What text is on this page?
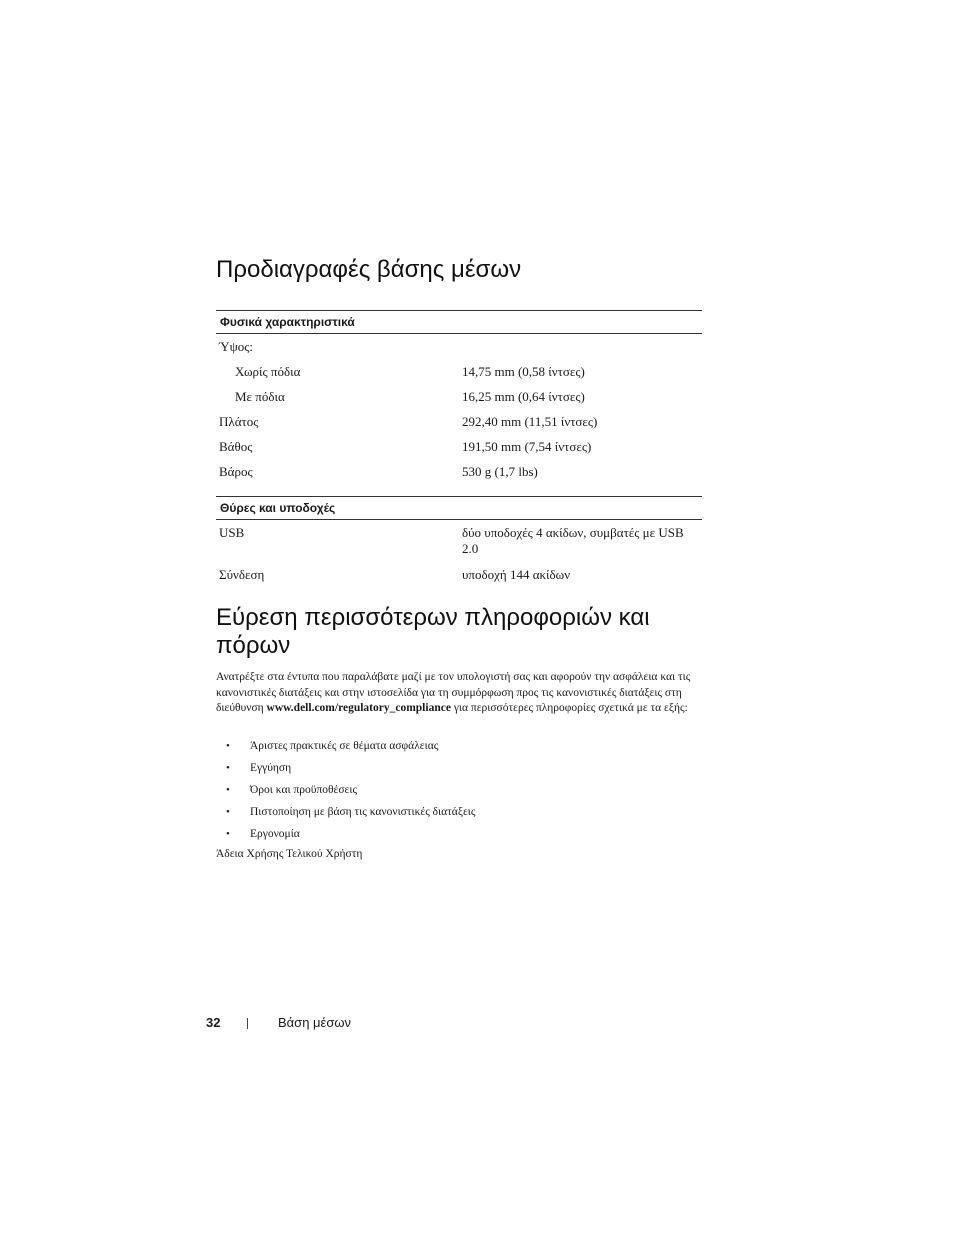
Προδιαγραφές βάσης μέσων
Φυσικά χαρακτηριστικά
Ύψος:
Χωρίς πόδια	14,75 mm (0,58 ίντσες)
Με πόδια	16,25 mm (0,64 ίντσες)
Πλάτος	292,40 mm (11,51 ίντσες)
Βάθος	191,50 mm (7,54 ίντσες)
Βάρος	530 g (1,7 lbs)
Θύρες και υποδοχές
USB	δύο υποδοχές 4 ακίδων, συμβατές με USB 2.0
Σύνδεση	υποδοχή 144 ακίδων
Εύρεση περισσότερων πληροφοριών και πόρων
Ανατρέξτε στα έντυπα που παραλάβατε μαζί με τον υπολογιστή σας και αφορούν την ασφάλεια και τις κανονιστικές διατάξεις και στην ιστοσελίδα για τη συμμόρφωση προς τις κανονιστικές διατάξεις στη διεύθυνση www.dell.com/regulatory_compliance για περισσότερες πληροφορίες σχετικά με τα εξής:
• Άριστες πρακτικές σε θέματα ασφάλειας
• Εγγύηση
• Όροι και προϋποθέσεις
• Πιστοποίηση με βάση τις κανονιστικές διατάξεις
• Εργονομία
Άδεια Χρήσης Τελικού Χρήστη
32	Βάση μέσων
